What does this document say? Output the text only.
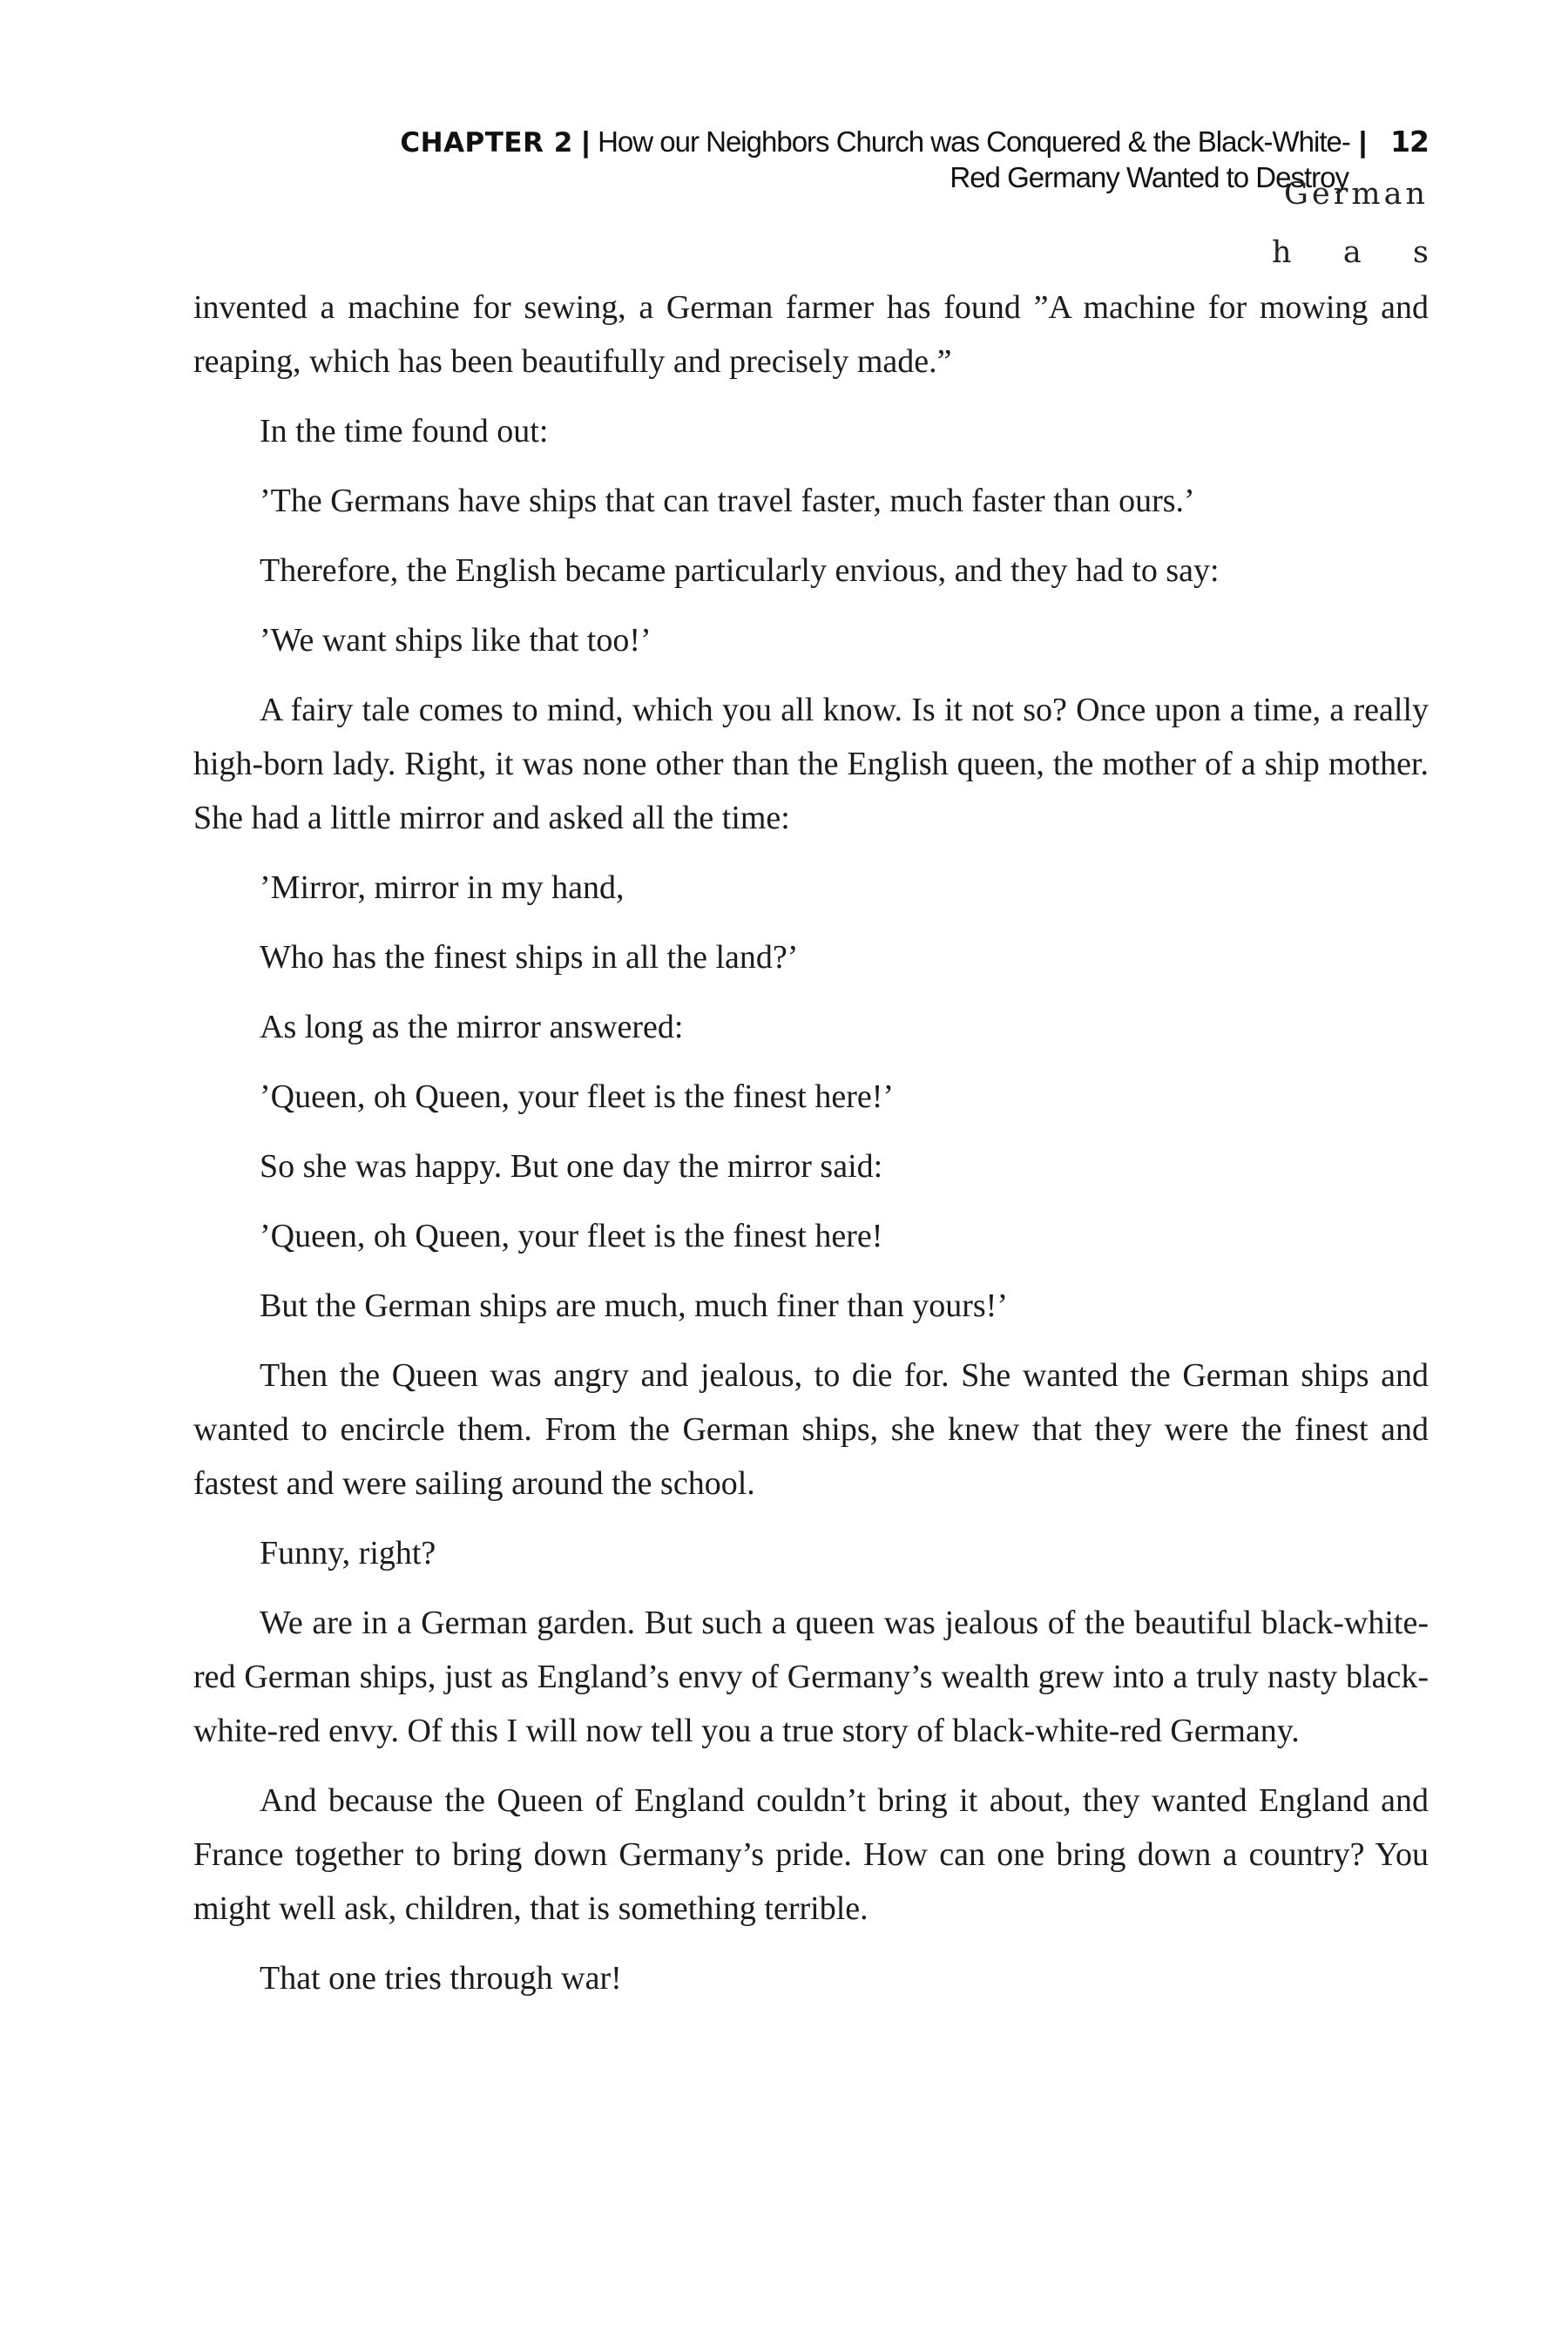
CHAPTER 2 | How our Neighbors Church was Conquered & the Black-White- | 12
Red Germany Wanted to Destroy
German
h a s

invented a machine for sewing, a German farmer has found ”A machine for mowing and reaping, which has been beautifully and precisely made.”

In the time found out:

’The Germans have ships that can travel faster, much faster than ours.’

Therefore, the English became particularly envious, and they had to say:

’We want ships like that too!’

A fairy tale comes to mind, which you all know. Is it not so? Once upon a time, a really high-born lady. Right, it was none other than the English queen, the mother of a ship mother. She had a little mirror and asked all the time:

’Mirror, mirror in my hand,

Who has the finest ships in all the land?’

As long as the mirror answered:

’Queen, oh Queen, your fleet is the finest here!’

So she was happy. But one day the mirror said:

’Queen, oh Queen, your fleet is the finest here!

But the German ships are much, much finer than yours!’

Then the Queen was angry and jealous, to die for. She wanted the German ships and wanted to encircle them. From the German ships, she knew that they were the finest and fastest and were sailing around the school.

Funny, right?

We are in a German garden. But such a queen was jealous of the beautiful black-white-red German ships, just as England’s envy of Germany’s wealth grew into a truly nasty black-white-red envy. Of this I will now tell you a true story of black-white-red Germany.

And because the Queen of England couldn’t bring it about, they wanted England and France together to bring down Germany’s pride. How can one bring down a country? You might well ask, children, that is something terrible.

That one tries through war!
